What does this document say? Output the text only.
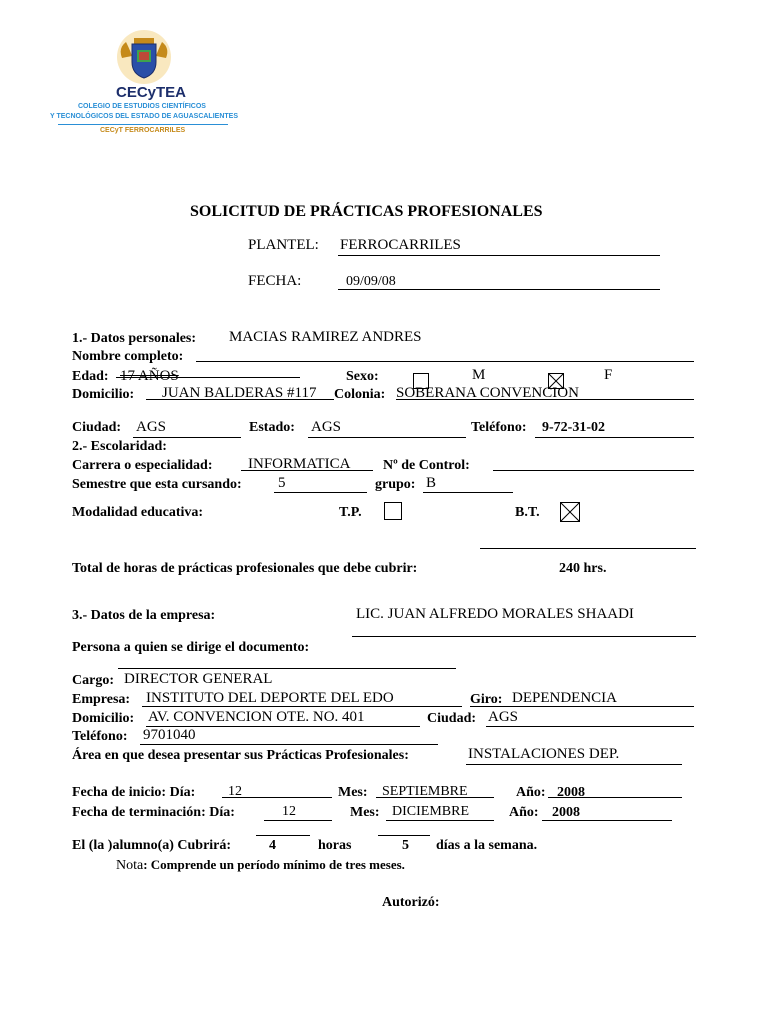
CECyTEA
COLEGIO DE ESTUDIOS CIENTÍFICOS
Y TECNOLÓGICOS DEL ESTADO DE AGUASCALIENTES
CECyT FERROCARRILES
SOLICITUD DE PRÁCTICAS PROFESIONALES
PLANTEL: FERROCARRILES
FECHA:	09/09/08
1.- Datos personales: MACIAS RAMIREZ ANDRES
Nombre completo:
Edad: 17 AÑOS	Sexo:	M	F
Domicilio: JUAN BALDERAS #117 Colonia: SOBERANA CONVENCION
Ciudad: AGS	Estado: AGS	Teléfono: 9-72-31-02
2.- Escolaridad:
Carrera o especialidad: INFORMATICA Nº de Control:
Semestre que esta cursando: 5	grupo: B
Modalidad educativa:	T.P.	B.T.
Total de horas de prácticas profesionales que debe cubrir:	240 hrs.
3.- Datos de la empresa:	LIC. JUAN ALFREDO MORALES SHAADI
Persona a quien se dirige el documento:
Cargo: DIRECTOR GENERAL
Empresa: INSTITUTO DEL DEPORTE DEL EDO	Giro: DEPENDENCIA
Domicilio: AV. CONVENCION OTE. NO. 401	Ciudad: AGS
Teléfono: 9701040
Área en que desea presentar sus Prácticas Profesionales:	INSTALACIONES DEP.
Fecha de inicio: Día: 12	Mes: SEPTIEMBRE	Año: 2008
Fecha de terminación: Día:	12	Mes: DICIEMBRE	Año: 2008
El (la )alumno(a) Cubrirá:	4	horas	5 días a la semana.
Nota: Comprende un período mínimo de tres meses.
Autorizó:
